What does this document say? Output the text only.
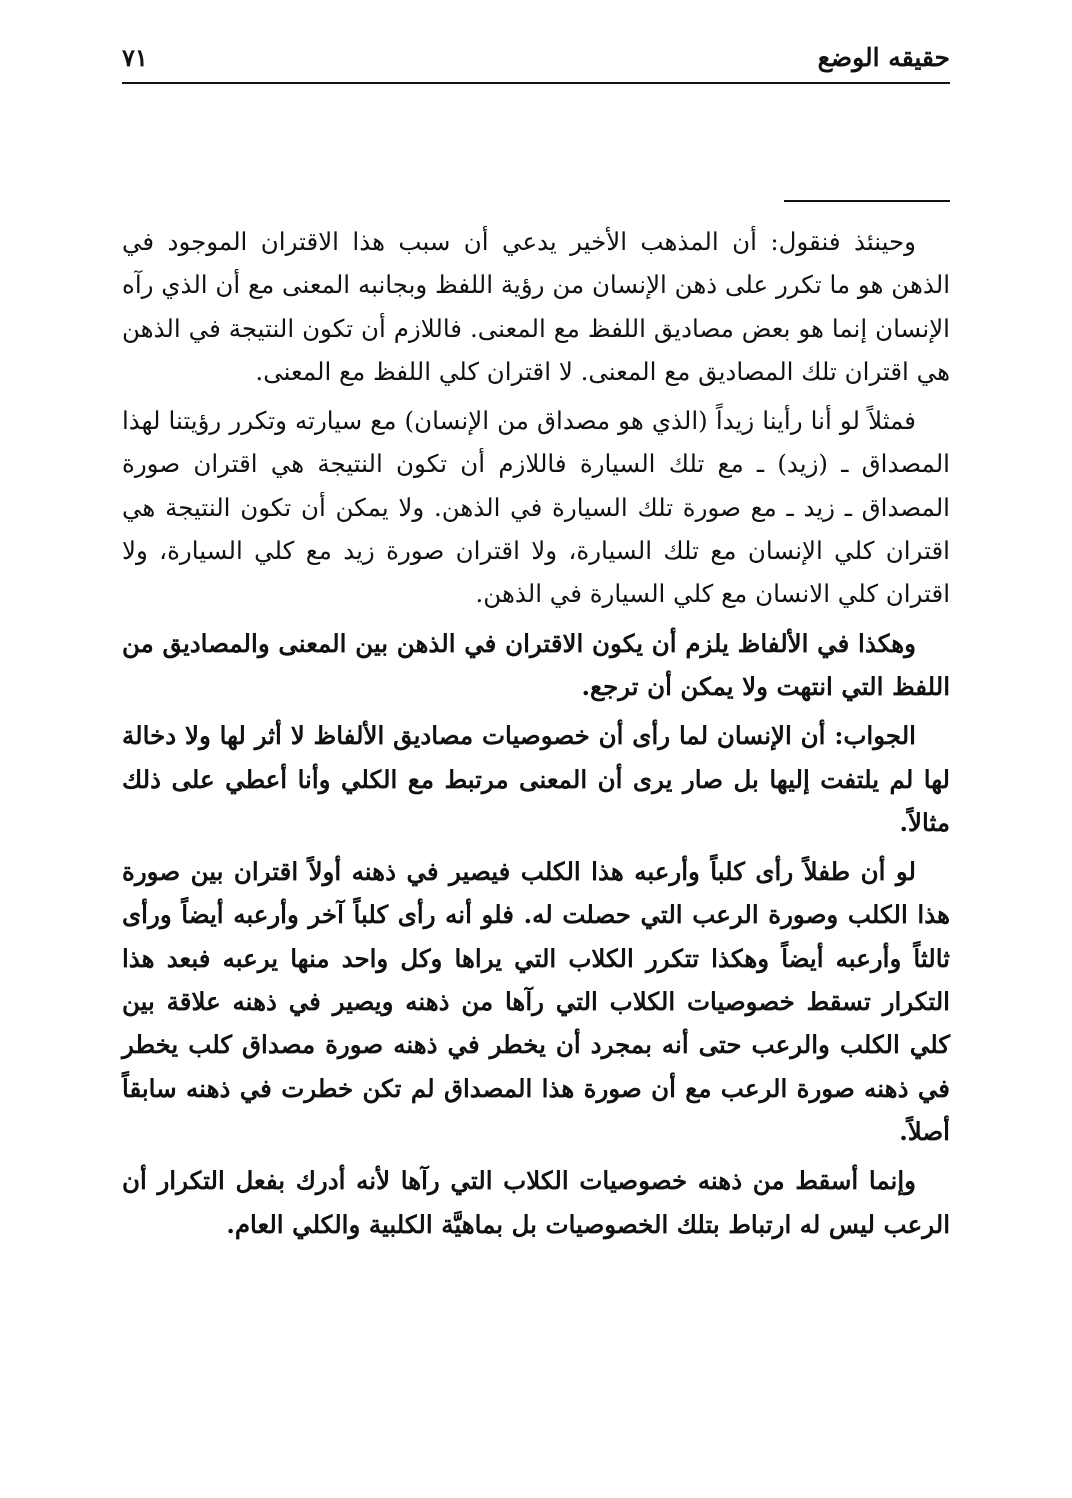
حقيقه الوضع
٧١

وحينئذ فنقول: أن المذهب الأخير يدعي أن سبب هذا الاقتران الموجود في الذهن هو ما تكرر على ذهن الإنسان من رؤية اللفظ وبجانبه المعنى مع أن الذي رآه الإنسان إنما هو بعض مصاديق اللفظ مع المعنى. فاللازم أن تكون النتيجة في الذهن هي اقتران تلك المصاديق مع المعنى. لا اقتران كلي اللفظ مع المعنى.

فمثلاً لو أنا رأينا زيداً (الذي هو مصداق من الإنسان) مع سيارته وتكرر رؤيتنا لهذا المصداق ـ (زيد) ـ مع تلك السيارة فاللازم أن تكون النتيجة هي اقتران صورة المصداق ـ زيد ـ مع صورة تلك السيارة في الذهن. ولا يمكن أن تكون النتيجة هي اقتران كلي الإنسان مع تلك السيارة، ولا اقتران صورة زيد مع كلي السيارة، ولا اقتران كلي الانسان مع كلي السيارة في الذهن.

وهكذا في الألفاظ يلزم أن يكون الاقتران في الذهن بين المعنى والمصاديق من اللفظ التي انتهت ولا يمكن أن ترجع.

الجواب: أن الإنسان لما رأى أن خصوصيات مصاديق الألفاظ لا أثر لها ولا دخالة لها لم يلتفت إليها بل صار يرى أن المعنى مرتبط مع الكلي وأنا أعطي على ذلك مثالاً.

لو أن طفلاً رأى كلباً وأرعبه هذا الكلب فيصير في ذهنه أولاً اقتران بين صورة هذا الكلب وصورة الرعب التي حصلت له. فلو أنه رأى كلباً آخر وأرعبه أيضاً ورأى ثالثاً وأرعبه أيضاً وهكذا تتكرر الكلاب التي يراها وكل واحد منها يرعبه فبعد هذا التكرار تسقط خصوصيات الكلاب التي رآها من ذهنه ويصير في ذهنه علاقة بين كلي الكلب والرعب حتى أنه بمجرد أن يخطر في ذهنه صورة مصداق كلب يخطر في ذهنه صورة الرعب مع أن صورة هذا المصداق لم تكن خطرت في ذهنه سابقاً أصلاً.

وإنما أسقط من ذهنه خصوصيات الكلاب التي رآها لأنه أدرك بفعل التكرار أن الرعب ليس له ارتباط بتلك الخصوصيات بل بماهيَّة الكلبية والكلي العام.
